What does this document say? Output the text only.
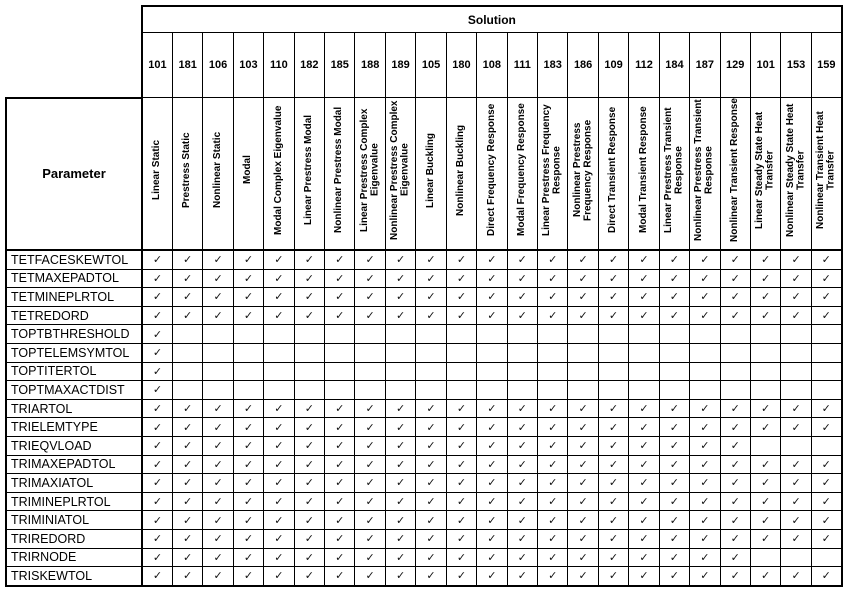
	Solution																						
	101	181	106	103	110	182	185	188	189	105	180	108	111	183	186	109	112	184	187	129	101	153	159
Parameter	Linear Static	Prestress Static	Nonlinear Static	Modal	Modal Complex Eigenvalue	Linear Prestress Modal	Nonlinear Prestress Modal	Linear Prestress Complex Eigenvalue	Nonlinear Prestress Complex Eigenvalue	Linear Buckling	Nonlinear Buckling	Direct Frequency Response	Modal Frequency Response	Linear Prestress Frequency Response	Nonlinear Prestress Frequency Response	Direct Transient Response	Modal Transient Response	Linear Prestress Transient Response	Nonlinear Prestress Transient Response	Nonlinear Transient Response	Linear Steady State Heat Transfer	Nonlinear Steady State Heat Transfer	Nonlinear Transient Heat Transfer
TETFACESKEWTOL	✓	✓	✓	✓	✓	✓	✓	✓	✓	✓	✓	✓	✓	✓	✓	✓	✓	✓	✓	✓	✓	✓	✓
TETMAXEPADTOL	✓	✓	✓	✓	✓	✓	✓	✓	✓	✓	✓	✓	✓	✓	✓	✓	✓	✓	✓	✓	✓	✓	✓
TETMINEPLRTOL	✓	✓	✓	✓	✓	✓	✓	✓	✓	✓	✓	✓	✓	✓	✓	✓	✓	✓	✓	✓	✓	✓	✓
TETREDORD	✓	✓	✓	✓	✓	✓	✓	✓	✓	✓	✓	✓	✓	✓	✓	✓	✓	✓	✓	✓	✓	✓	✓
TOPTBTHRESHOLD	✓																						
TOPTELEMSYMTOL	✓																						
TOPTITERTOL	✓																						
TOPTMAXACTDIST	✓																						
TRIARTOL	✓	✓	✓	✓	✓	✓	✓	✓	✓	✓	✓	✓	✓	✓	✓	✓	✓	✓	✓	✓	✓	✓	✓
TRIELEMTYPE	✓	✓	✓	✓	✓	✓	✓	✓	✓	✓	✓	✓	✓	✓	✓	✓	✓	✓	✓	✓	✓	✓	✓
TRIEQVLOAD	✓	✓	✓	✓	✓	✓	✓	✓	✓	✓	✓	✓	✓	✓	✓	✓	✓	✓	✓	✓			
TRIMAXEPADTOL	✓	✓	✓	✓	✓	✓	✓	✓	✓	✓	✓	✓	✓	✓	✓	✓	✓	✓	✓	✓	✓	✓	✓
TRIMAXIATOL	✓	✓	✓	✓	✓	✓	✓	✓	✓	✓	✓	✓	✓	✓	✓	✓	✓	✓	✓	✓	✓	✓	✓
TRIMINEPLRTOL	✓	✓	✓	✓	✓	✓	✓	✓	✓	✓	✓	✓	✓	✓	✓	✓	✓	✓	✓	✓	✓	✓	✓
TRIMINIATOL	✓	✓	✓	✓	✓	✓	✓	✓	✓	✓	✓	✓	✓	✓	✓	✓	✓	✓	✓	✓	✓	✓	✓
TRIREDORD	✓	✓	✓	✓	✓	✓	✓	✓	✓	✓	✓	✓	✓	✓	✓	✓	✓	✓	✓	✓	✓	✓	✓
TRIRNODE	✓	✓	✓	✓	✓	✓	✓	✓	✓	✓	✓	✓	✓	✓	✓	✓	✓	✓	✓	✓			
TRISKEWTOL	✓	✓	✓	✓	✓	✓	✓	✓	✓	✓	✓	✓	✓	✓	✓	✓	✓	✓	✓	✓	✓	✓	✓
